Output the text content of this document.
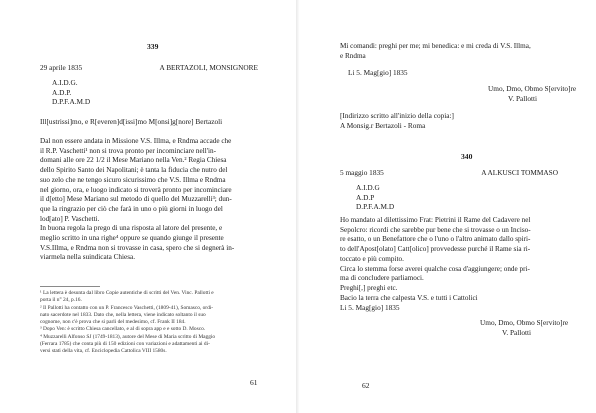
339
29 aprile 1835	A BERTAZOLI, MONSIGNORE
A.I.D.G.
A.D.P.
D.P.F.A.M.D
Ill[ustrissi]mo, e R[everen]d[issi]mo M[onsi]g[nore] Bertazoli
Dal non essere andata in Missione V.S. Illma, e Rndma accade che
il R.P. Vaschetti¹ non si trova pronto per incominciare nell'in-
domani alle ore 22 1/2 il Mese Mariano nella Ven.² Regia Chiesa
dello Spirito Santo dei Napolitani; è tanta la fiducia che nutro del
suo zelo che ne tengo sicuro sicurissimo che V.S. Illma e Rndma
nel giorno, ora, e luogo indicato si troverà pronto per incominciare
il d[etto] Mese Mariano sul metodo di quello del Muzzarelli³; dun-
que la ringrazio per ciò che farà in uno o più giorni in luogo del
lod[ato] P. Vaschetti.
In buona regola la prego di una risposta al latore del presente, e
meglio scritto in una righe⁴ oppure se quando giunge il presente
V.S.Illma, e Rndma non si trovasse in casa, spero che si degnerà in-
viarmela nella suindicata Chiesa.
¹ La lettera è desunta dal libro Copie autentiche di scritti del Ven. Vinc. Pallotti e
porta il n° 24, p.16.
² Il Pallotti ha contatto con un P. Francesco Vaschetti, (1809-41), Somasco, ordi-
nato sacerdote nel 1833. Dato che, nella lettera, viene indicato soltanto il suo
cognome, non c'è prova che si parli del medesimo, cf. Frank II 184.
³ Dopo Ven: è scritto Chiesa cancellato, e al di sopra app e e sotto D. Mosco.
⁴ Muzzarelli Alfonso SJ (1749-1813), autore del Mese di Maria scritto di Maggio
(Ferrara 1785) che conta più di 150 edizioni con variazioni e adattamenti ai di-
versi stati della vita, cf. Enciclopedia Cattolica VIII 1580s.
61
Mi comandi: preghi per me; mi benedica: e mi creda di V.S. Illma,
e Rndma
Li 5. Mag[gio] 1835
Umo, Dmo, Obmo S[ervito]re
V. Pallotti
[Indirizzo scritto all'inizio della copia:]
A Monsig.r Bertazoli - Roma
340
5 maggio 1835	A ALKUSCI TOMMASO
A.I.D.G
A.D.P
D.P.F.A.M.D
Ho mandato al dilettissimo Frat: Pietrini il Rame del Cadavere nel
Sepolcro: ricordi che sarebbe pur bene che si trovasse o un Inciso-
re esatto, o un Benefattore che o l'uno o l'altro animato dallo spiri-
to dell'Apost[olato] Catt[olico] provvedesse purché il Rame sia ri-
toccato e più compito.
Circa lo stemma forse averei qualche cosa d'aggiungere; onde pri-
ma di concludere parliamoci.
Preghi[,] preghi etc.
Bacio la terra che calpesta V.S. e tutti i Cattolici
Li 5. Mag[gio] 1835
Umo, Dmo, Obmo S[ervito]re
V. Pallotti
62
